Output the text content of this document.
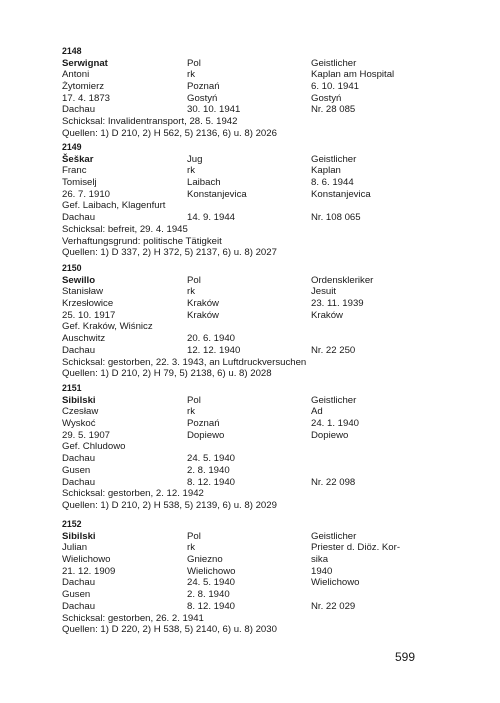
2148
Serwignat	Pol	Geistlicher
Antoni	rk	Kaplan am Hospital
Żytomierz	Poznań	6. 10. 1941
17. 4. 1873	Gostyń	Gostyń
Dachau	30. 10. 1941	Nr. 28 085
Schicksal: Invalidentransport, 28. 5. 1942
Quellen: 1) D 210, 2) H 562, 5) 2136, 6) u. 8) 2026
2149
Šeškar	Jug	Geistlicher
Franc	rk	Kaplan
Tomiselj	Laibach	8. 6. 1944
26. 7. 1910	Konstanjevica	Konstanjevica
Gef. Laibach, Klagenfurt
Dachau	14. 9. 1944	Nr. 108 065
Schicksal: befreit, 29. 4. 1945
Verhaftungsgrund: politische Tätigkeit
Quellen: 1) D 337, 2) H 372, 5) 2137, 6) u. 8) 2027
2150
Sewillo	Pol	Ordenskleriker
Stanisław	rk	Jesuit
Krzesłowice	Kraków	23. 11. 1939
25. 10. 1917	Kraków	Kraków
Gef. Kraków, Wiśnicz
Auschwitz	20. 6. 1940
Dachau	12. 12. 1940	Nr. 22 250
Schicksal: gestorben, 22. 3. 1943, an Luftdruckversuchen
Quellen: 1) D 210, 2) H 79, 5) 2138, 6) u. 8) 2028
2151
Sibilski	Pol	Geistlicher
Czesław	rk	Ad
Wyskoć	Poznań	24. 1. 1940
29. 5. 1907	Dopiewo	Dopiewo
Gef. Chludowo
Dachau	24. 5. 1940
Gusen	2. 8. 1940
Dachau	8. 12. 1940	Nr. 22 098
Schicksal: gestorben, 2. 12. 1942
Quellen: 1) D 210, 2) H 538, 5) 2139, 6) u. 8) 2029
2152
Sibilski	Pol	Geistlicher
Julian	rk	Priester d. Diöz. Kor-
Wielichowo	Gniezno	sika
21. 12. 1909	Wielichowo	1940
Dachau	24. 5. 1940	Wielichowo
Gusen	2. 8. 1940
Dachau	8. 12. 1940	Nr. 22 029
Schicksal: gestorben, 26. 2. 1941
Quellen: 1) D 220, 2) H 538, 5) 2140, 6) u. 8) 2030
599
